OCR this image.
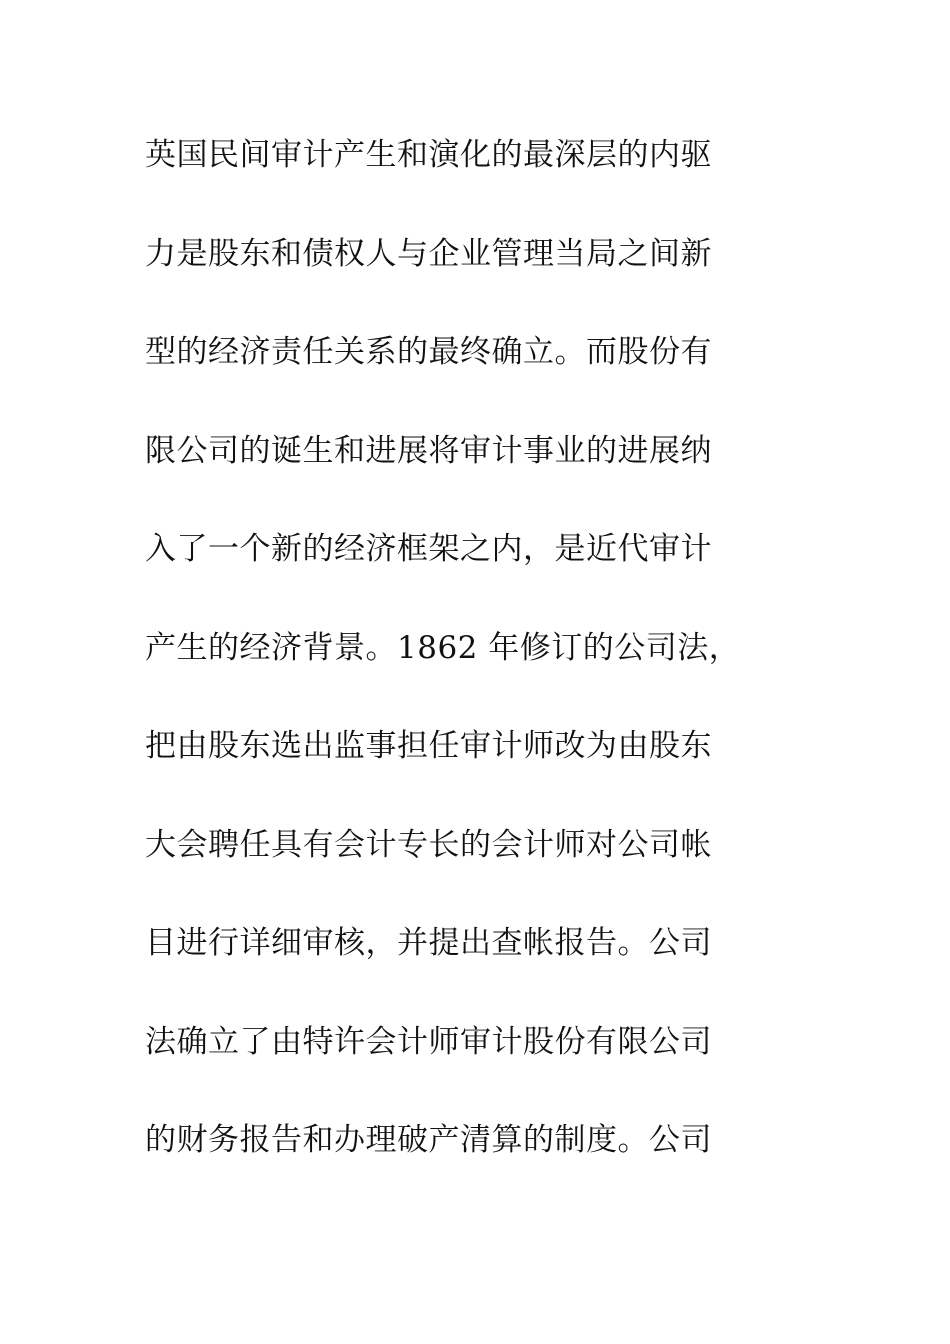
英国民间审计产生和演化的最深层的内驱
力是股东和债权人与企业管理当局之间新
型的经济责任关系的最终确立。而股份有
限公司的诞生和进展将审计事业的进展纳
入了一个新的经济框架之内，是近代审计
产生的经济背景。1862 年修订的公司法，
把由股东选出监事担任审计师改为由股东
大会聘任具有会计专长的会计师对公司帐
目进行详细审核，并提出查帐报告。公司
法确立了由特许会计师审计股份有限公司
的财务报告和办理破产清算的制度。公司
